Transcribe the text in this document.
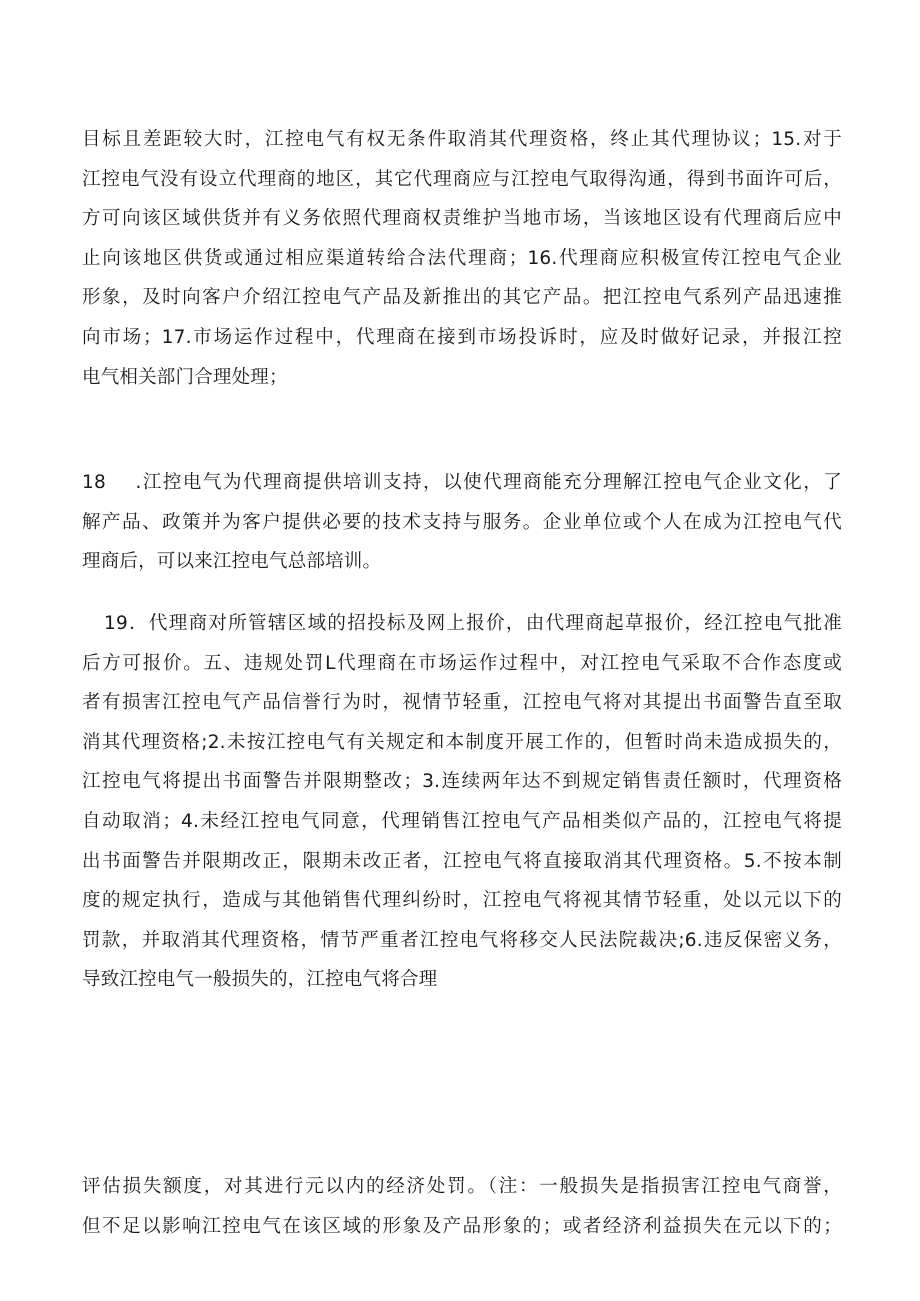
目标且差距较大时，江控电气有权无条件取消其代理资格，终止其代理协议；15.对于
江控电气没有设立代理商的地区，其它代理商应与江控电气取得沟通，得到书面许可后，
方可向该区域供货并有义务依照代理商权责维护当地市场，当该地区设有代理商后应中
止向该地区供货或通过相应渠道转给合法代理商；16.代理商应积极宣传江控电气企业
形象，及时向客户介绍江控电气产品及新推出的其它产品。把江控电气系列产品迅速推
向市场；17.市场运作过程中，代理商在接到市场投诉时，应及时做好记录，并报江控
电气相关部门合理处理；
18    .江控电气为代理商提供培训支持，以使代理商能充分理解江控电气企业文化，了
解产品、政策并为客户提供必要的技术支持与服务。企业单位或个人在成为江控电气代
理商后，可以来江控电气总部培训。
19．代理商对所管辖区域的招投标及网上报价，由代理商起草报价，经江控电气批准
后方可报价。五、违规处罚L代理商在市场运作过程中，对江控电气采取不合作态度或
者有损害江控电气产品信誉行为时，视情节轻重，江控电气将对其提出书面警告直至取
消其代理资格;2.未按江控电气有关规定和本制度开展工作的，但暂时尚未造成损失的，
江控电气将提出书面警告并限期整改；3.连续两年达不到规定销售责任额时，代理资格
自动取消；4.未经江控电气同意，代理销售江控电气产品相类似产品的，江控电气将提
出书面警告并限期改正，限期未改正者，江控电气将直接取消其代理资格。5.不按本制
度的规定执行，造成与其他销售代理纠纷时，江控电气将视其情节轻重，处以元以下的
罚款，并取消其代理资格，情节严重者江控电气将移交人民法院裁决;6.违反保密义务，
导致江控电气一般损失的，江控电气将合理
评估损失额度，对其进行元以内的经济处罚。（注：一般损失是指损害江控电气商誉，
但不足以影响江控电气在该区域的形象及产品形象的；或者经济利益损失在元以下的；
